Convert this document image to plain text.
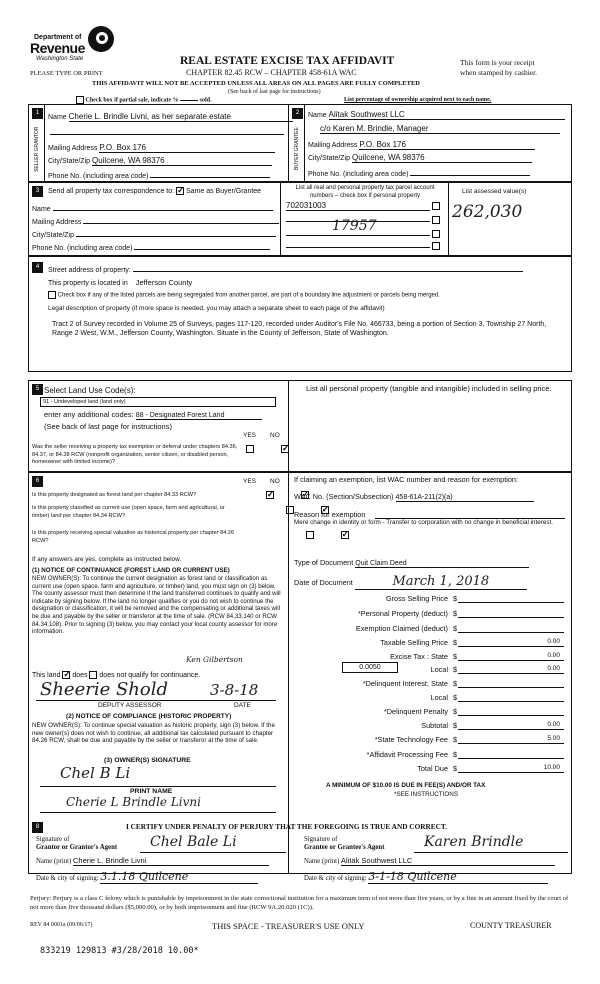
Department of
Revenue
Washington State	REAL ESTATE EXCISE TAX AFFIDAVIT
CHAPTER 82.45 RCW – CHAPTER 458-61A WAC
This form is your receipt
when stamped by cashier.
PLEASE TYPE OR PRINT
THIS AFFIDAVIT WILL NOT BE ACCEPTED UNLESS ALL AREAS ON ALL PAGES ARE FULLY COMPLETED
(See back of last page for instructions)
Check box if partial sale, indicate %	sold.	List percentage of ownership acquired next to each name.
1
SELLER GRANTOR
Name Cherie L. Brindle Livni, as her separate estate
Mailing Address P.O. Box 176
City/State/Zip Quilcene, WA 98376
Phone No. (including area code)
2
BUYER GRANTEE
Name Alitak Southwest LLC
c/o Karen M. Brindle, Manager
Mailing Address P.O. Box 176
City/State/Zip Quilcene, WA 98376
Phone No. (including area code)
3	Send all property tax correspondence to: ✓ Same as Buyer/Grantee
Name
Mailing Address
City/State/Zip
Phone No. (including area code)
List all real and personal property tax parcel account numbers – check box if personal property
List assessed value(s)
702031003

17957

262,030
4	Street address of property:
This property is located in Jefferson County
Check box if any of the listed parcels are being segregated from another parcel, are part of a boundary line adjustment or parcels being merged.
Legal description of property (if more space is needed, you may attach a separate sheet to each page of the affidavit)
Tract 2 of Survey recorded in Volume 25 of Surveys, pages 117-120, recorded under Auditor's File No. 466733, being a portion of Section 3, Township 27 North, Range 2 West, W.M., Jefferson County, Washington. Situate in the County of Jefferson, State of Washington.
5 Select Land Use Code(s):
91 - Undeveloped land (land only)
enter any additional codes: 88 - Designated Forest Land
(See back of last page for instructions)
YES NO
Was the seller receiving a property tax exemption or deferral under chapters 84.36, 84.37, or 84.38 RCW (nonprofit organization, senior citizen, or disabled person, homeowner with limited income)?
✓
List all personal property (tangible and intangible) included in selling price.
6	YES NO
Is this property designated as forest land per chapter 84.33 RCW?
✓ ✓
Is this property classified as current use (open space, farm and agricultural, or timber) land per chapter 84.34 RCW?
✓
Is this property receiving special valuation as historical property per chapter 84.26 RCW?
✓
If any answers are yes, complete as instructed below.
(1) NOTICE OF CONTINUANCE (FOREST LAND OR CURRENT USE)
NEW OWNER(S): To continue the current designation as forest land or classification as current use (open space, farm and agriculture, or timber) land, you must sign on (3) below. The county assessor must then determine if the land transferred continues to qualify and will indicate by signing below. If the land no longer qualifies or you do not wish to continue the designation or classification, it will be removed and the compensating or additional taxes will be due and payable by the seller or transferor at the time of sale. (RCW 84.33.140 or RCW 84.34.108). Prior to signing (3) below, you may contact your local county assessor for more information.
Ken Gilbertson
This land ✓ does does not qualify for continuance.
Sheerie Shold	3-8-18
DEPUTY ASSESSOR	DATE
(2) NOTICE OF COMPLIANCE (HISTORIC PROPERTY)
NEW OWNER(S): To continue special valuation as historic property, sign (3) below. If the new owner(s) does not wish to continue, all additional tax calculated pursuant to chapter 84.26 RCW, shall be due and payable by the seller or transferor at the time of sale.
(3) OWNER(S) SIGNATURE
Chel B Li
PRINT NAME
Cherie L Brindle Livni
If claiming an exemption, list WAC number and reason for exemption:
WAC No. (Section/Subsection) 458-61A-211(2)(a)
Reason for exemption
Mere change in identity or form - Transfer to corporation with no change in beneficial interest.
Type of Document Quit Claim Deed
Date of Document	March 1, 2018
Gross Selling Price $
*Personal Property (deduct) $
Exemption Claimed (deduct) $
Taxable Selling Price $	0.00
Excise Tax : State $	0.00
0.0050	Local $	0.00
*Delinquent Interest: State $
Local $
*Delinquent Penalty $
Subtotal $	0.00
*State Technology Fee $	5.00
*Affidavit Processing Fee $
Total Due $	10.00
A MINIMUM OF $10.00 IS DUE IN FEE(S) AND/OR TAX
*SEE INSTRUCTIONS
8	I CERTIFY UNDER PENALTY OF PERJURY THAT THE FOREGOING IS TRUE AND CORRECT.
Signature of
Grantor or Grantor's Agent Chel Bale Li
Name (print) Cherie L. Brindle Livni
Date & city of signing: 3.1.18 Quilcene
Signature of
Grantee or Grantee's Agent	Karen Brindle
Name (print) Alitak Southwest LLC
Date & city of signing: 3-1-18 Quilcene
Perjury: Perjury is a class C felony which is punishable by imprisonment in the state correctional institution for a maximum term of not more than five years, or by a fine in an amount fixed by the court of not more than five thousand dollars ($5,000.00), or by both imprisonment and fine (RCW 9A.20.020 (1C)).
REV 84 0001a (09/06/17)	THIS SPACE - TREASURER'S USE ONLY	COUNTY TREASURER
833219 129813 #3/28/2018 10.00*
